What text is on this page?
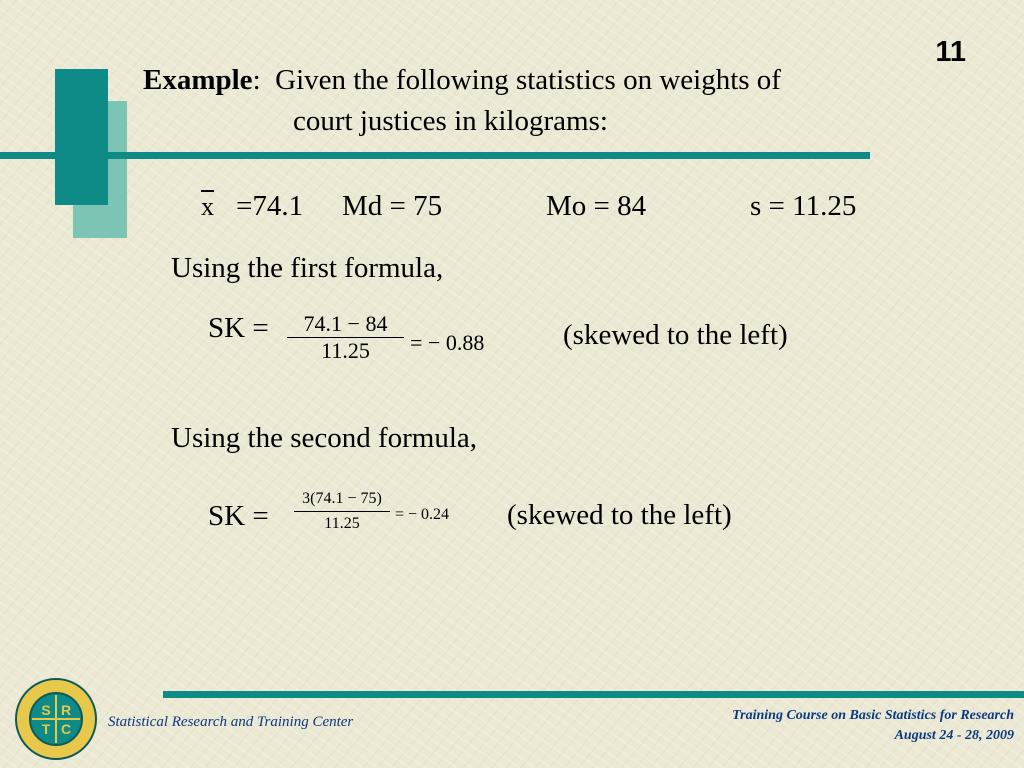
11
Example: Given the following statistics on weights of
court justices in kilograms:
x =74.1 Md = 75	Mo = 84	s = 11.25
Using the first formula,
SK =	74.1 − 84
11.25	= − 0.88	(skewed to the left)
Using the second formula,
SK =
3(74.1 − 75)
11.25
= − 0.24 (skewed to the left)
S R
T C Statistical Research and Training Center	Training Course on Basic Statistics for Research
August 24 - 28, 2009
